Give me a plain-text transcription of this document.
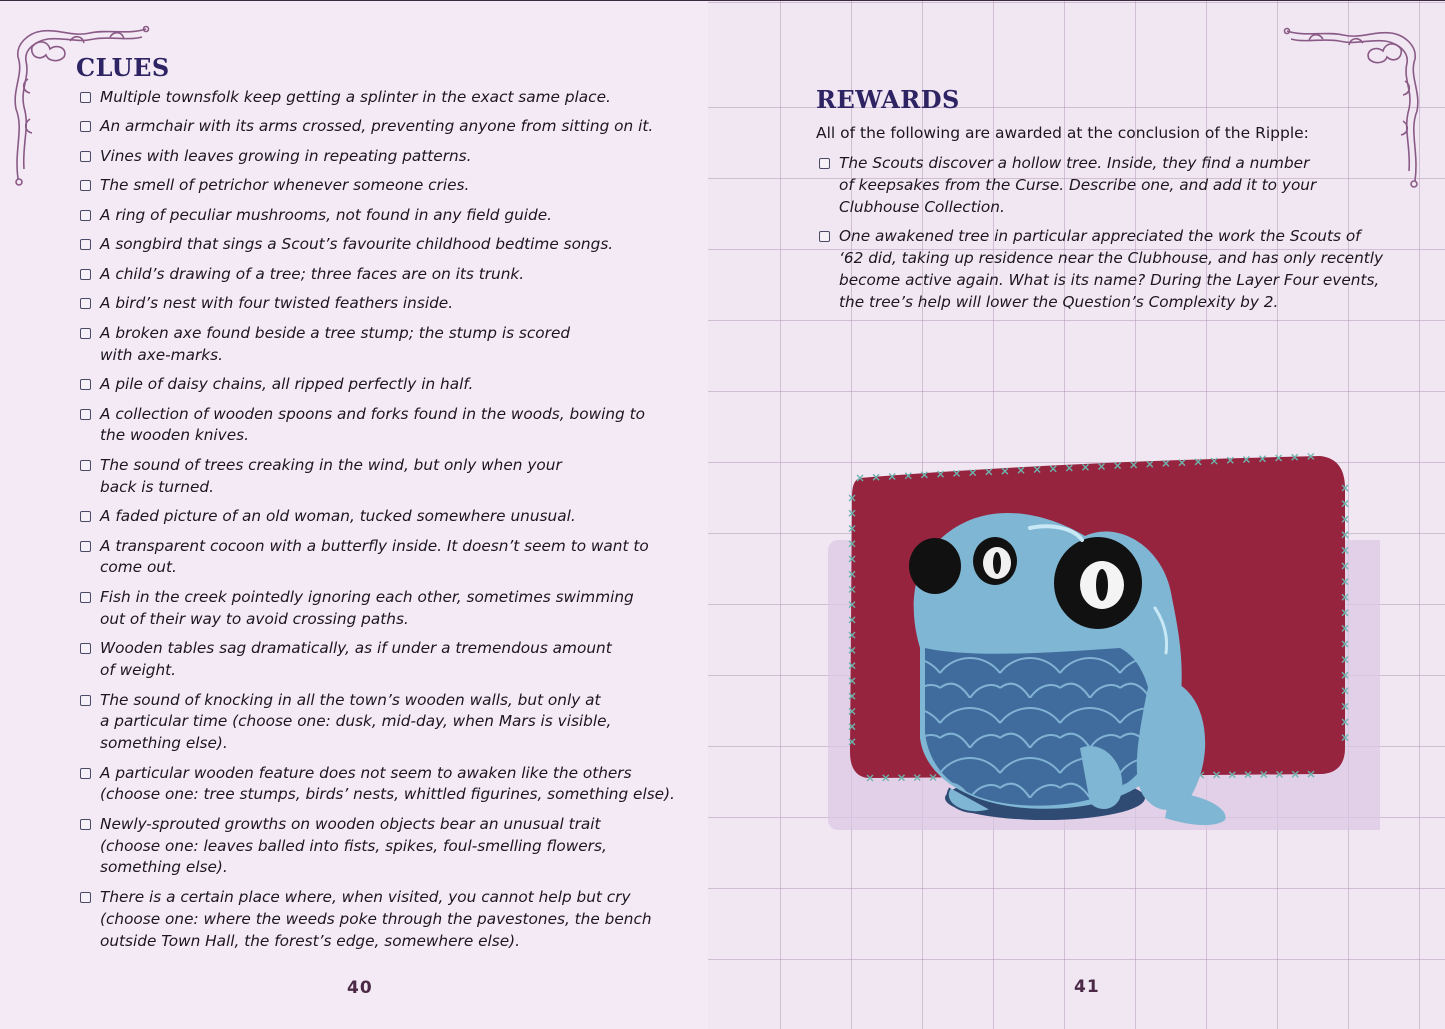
CLUES
Multiple townsfolk keep getting a splinter in the exact same place.
An armchair with its arms crossed, preventing anyone from sitting on it.
Vines with leaves growing in repeating patterns.
The smell of petrichor whenever someone cries.
A ring of peculiar mushrooms, not found in any field guide.
A songbird that sings a Scout’s favourite childhood bedtime songs.
A child’s drawing of a tree; three faces are on its trunk.
A bird’s nest with four twisted feathers inside.
A broken axe found beside a tree stump; the stump is scored
with axe-marks.
A pile of daisy chains, all ripped perfectly in half.
A collection of wooden spoons and forks found in the woods, bowing to
the wooden knives.
The sound of trees creaking in the wind, but only when your
back is turned.
A faded picture of an old woman, tucked somewhere unusual.
A transparent cocoon with a butterfly inside. It doesn’t seem to want to
come out.
Fish in the creek pointedly ignoring each other, sometimes swimming
out of their way to avoid crossing paths.
Wooden tables sag dramatically, as if under a tremendous amount
of weight.
The sound of knocking in all the town’s wooden walls, but only at
a particular time (choose one: dusk, mid-day, when Mars is visible,
something else).
A particular wooden feature does not seem to awaken like the others
(choose one: tree stumps, birds’ nests, whittled figurines, something else).
Newly-sprouted growths on wooden objects bear an unusual trait
(choose one: leaves balled into fists, spikes, foul-smelling flowers,
something else).
There is a certain place where, when visited, you cannot help but cry
(choose one: where the weeds poke through the pavestones, the bench
outside Town Hall, the forest’s edge, somewhere else).

40

REWARDS

All of the following are awarded at the conclusion of the Ripple:

The Scouts discover a hollow tree. Inside, they find a number
of keepsakes from the Curse. Describe one, and add it to your
Clubhouse Collection.
One awakened tree in particular appreciated the work the Scouts of
‘62 did, taking up residence near the Clubhouse, and has only recently
become active again. What is its name? During the Layer Four events,
the tree’s help will lower the Question’s Complexity by 2.

41
